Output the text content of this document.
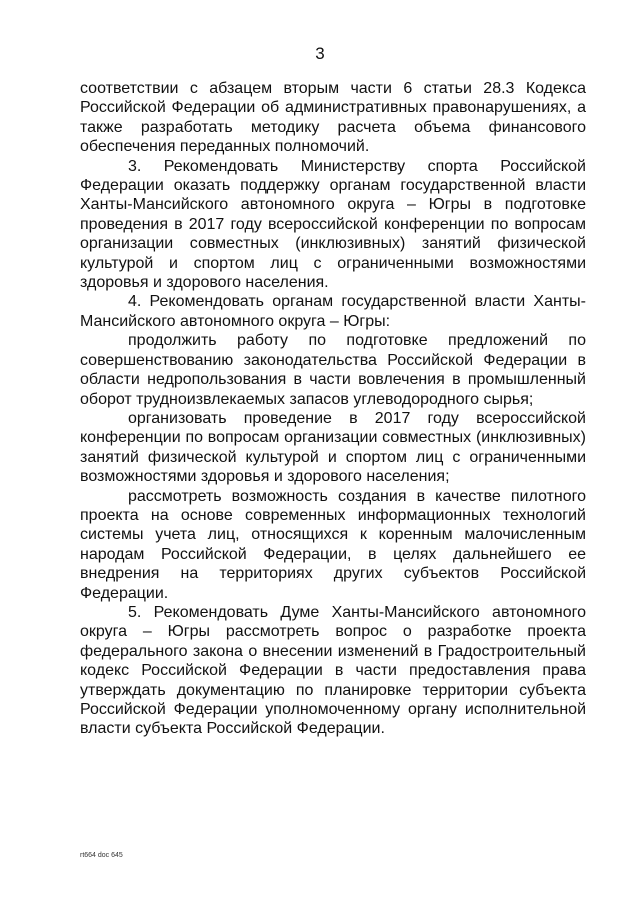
3

соответствии с абзацем вторым части 6 статьи 28.3 Кодекса Российской Федерации об административных правонарушениях, а также разработать методику расчета объема финансового обеспечения переданных полномочий.

3. Рекомендовать Министерству спорта Российской Федерации оказать поддержку органам государственной власти Ханты-Мансийского автономного округа – Югры в подготовке проведения в 2017 году всероссийской конференции по вопросам организации совместных (инклюзивных) занятий физической культурой и спортом лиц с ограниченными возможностями здоровья и здорового населения.

4. Рекомендовать органам государственной власти Ханты-Мансийского автономного округа – Югры:

продолжить работу по подготовке предложений по совершенствованию законодательства Российской Федерации в области недропользования в части вовлечения в промышленный оборот трудноизвлекаемых запасов углеводородного сырья;

организовать проведение в 2017 году всероссийской конференции по вопросам организации совместных (инклюзивных) занятий физической культурой и спортом лиц с ограниченными возможностями здоровья и здорового населения;

рассмотреть возможность создания в качестве пилотного проекта на основе современных информационных технологий системы учета лиц, относящихся к коренным малочисленным народам Российской Федерации, в целях дальнейшего ее внедрения на территориях других субъектов Российской Федерации.

5. Рекомендовать Думе Ханты-Мансийского автономного округа – Югры рассмотреть вопрос о разработке проекта федерального закона о внесении изменений в Градостроительный кодекс Российской Федерации в части предоставления права утверждать документацию по планировке территории субъекта Российской Федерации уполномоченному органу исполнительной власти субъекта Российской Федерации.

rt664 doc 645
